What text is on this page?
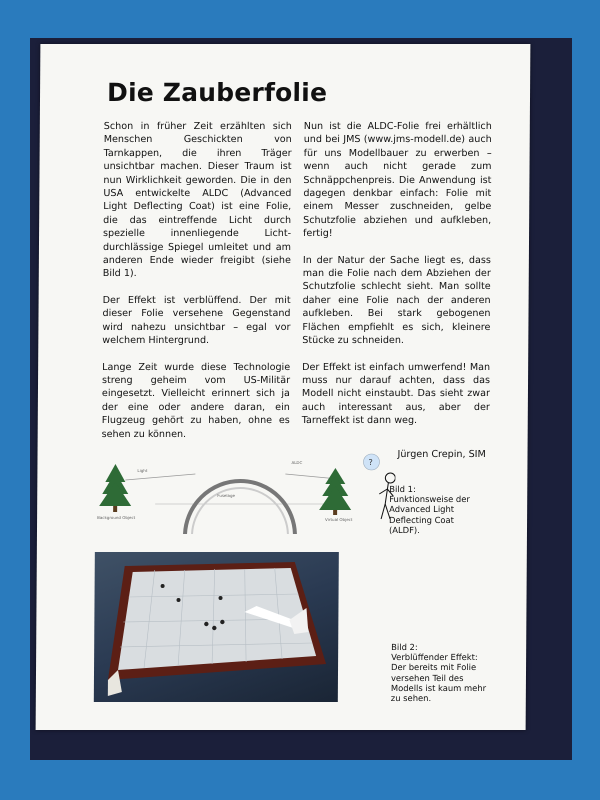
Die Zauberfolie

Schon in früher Zeit erzählten sich Menschen Geschickten von Tarnkappen, die ihren Träger unsichtbar machen. Dieser Traum ist nun Wirklichkeit geworden. Die in den USA entwickelte ALDC (Advanced Light Deflecting Coat) ist eine Folie, die das eintreffende Licht durch spezielle innenliegende Licht-durchlässige Spiegel umleitet und am anderen Ende wieder freigibt (siehe Bild 1).

Der Effekt ist verblüffend. Der mit dieser Folie versehene Gegenstand wird nahezu unsichtbar – egal vor welchem Hintergrund.

Lange Zeit wurde diese Technologie streng geheim vom US-Militär eingesetzt. Vielleicht erinnert sich ja der eine oder andere daran, ein Flugzeug gehört zu haben, ohne es sehen zu können.

Nun ist die ALDC-Folie frei erhältlich und bei JMS (www.jms-modell.de) auch für uns Modellbauer zu erwerben – wenn auch nicht gerade zum Schnäppchenpreis. Die Anwendung ist dagegen denkbar einfach: Folie mit einem Messer zuschneiden, gelbe Schutzfolie abziehen und aufkleben, fertig!

In der Natur der Sache liegt es, dass man die Folie nach dem Abziehen der Schutzfolie schlecht sieht. Man sollte daher eine Folie nach der anderen aufkleben. Bei stark gebogenen Flächen empfiehlt es sich, kleinere Stücke zu schneiden.

Der Effekt ist einfach umwerfend! Man muss nur darauf achten, dass das Modell nicht einstaubt. Das sieht zwar auch interessant aus, aber der Tarneffekt ist dann weg.

Jürgen Crepin, SIM
?
Light
ALDC
Fuselage
Background Object	Virtual Object
Bild 1:
Funktionsweise der
Advanced Light
Deflecting Coat
(ALDF).
Bild 2:
Verblüffender Effekt:
Der bereits mit Folie
versehen Teil des
Modells ist kaum mehr
zu sehen.
